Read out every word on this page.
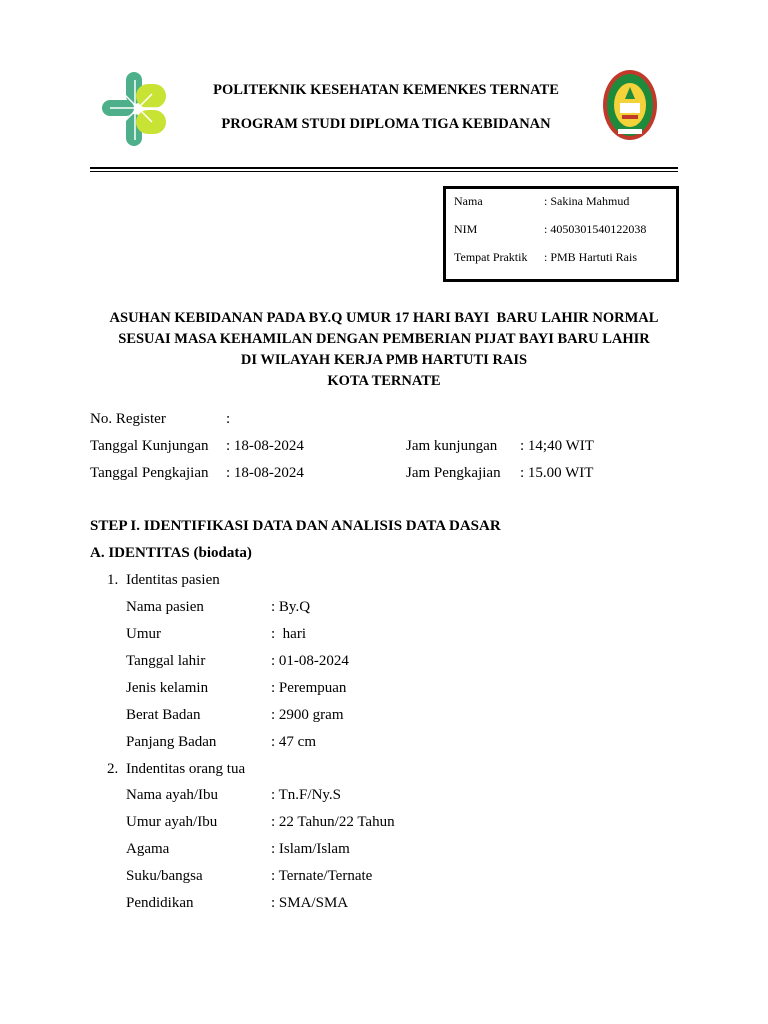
POLITEKNIK KESEHATAN KEMENKES TERNATE
PROGRAM STUDI DIPLOMA TIGA KEBIDANAN
Nama	: Sakina Mahmud
NIM	: 405030154012203​8
Tempat Praktik : PMB Hartuti Rais
ASUHAN KEBIDANAN PADA BY.Q UMUR 17 HARI BAYI  BARU LAHIR NORMAL
SESUAI MASA KEHAMILAN DENGAN PEMBERIAN PIJAT BAYI BARU LAHIR
DI WILAYAH KERJA PMB HARTUTI RAIS
KOTA TERNATE
No. Register	:
Tanggal Kunjungan : 18-08-2024	Jam kunjungan : 14;40 WIT
Tanggal Pengkajian : 18-08-2024	Jam Pengkajian : 15.00 WIT
STEP I. IDENTIFIKASI DATA DAN ANALISIS DATA DASAR
A. IDENTITAS (biodata)
1. Identitas pasien
Nama pasien	: By.Q
Umur	:  hari
Tanggal lahir	: 01-08-2024
Jenis kelamin	: Perempuan
Berat Badan	: 2900 gram
Panjang Badan	: 47 cm
2. Indentitas orang tua
Nama ayah/Ibu	: Tn.F/Ny.S
Umur ayah/Ibu	: 22 Tahun/22 Tahun
Agama	: Islam/Islam
Suku/bangsa	: Ternate/Ternate
Pendidikan	: SMA/SMA
